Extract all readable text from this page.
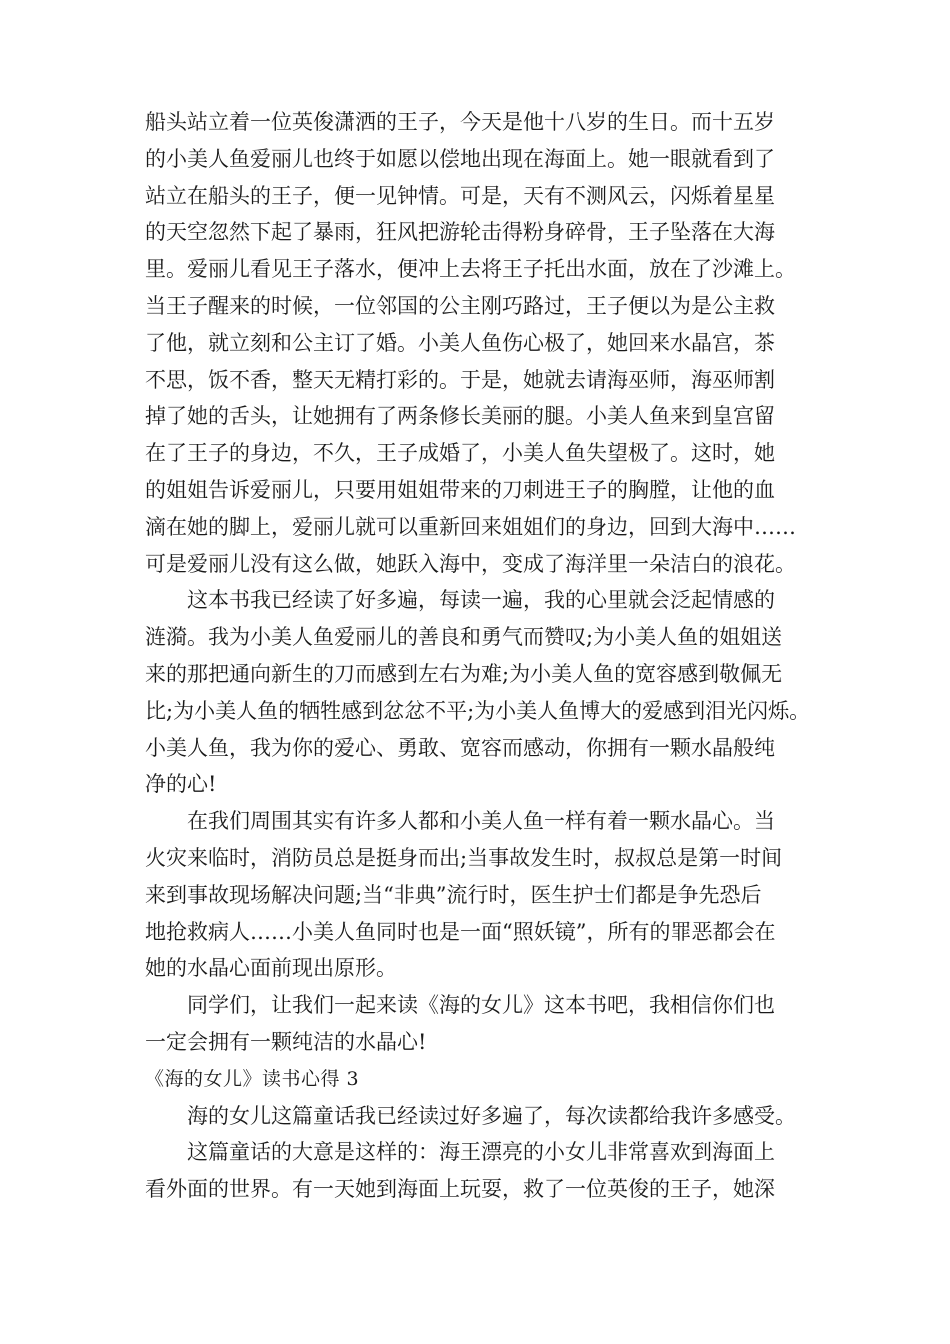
船头站立着一位英俊潇洒的王子，今天是他十八岁的生日。而十五岁
的小美人鱼爱丽儿也终于如愿以偿地出现在海面上。她一眼就看到了
站立在船头的王子，便一见钟情。可是，天有不测风云，闪烁着星星
的天空忽然下起了暴雨，狂风把游轮击得粉身碎骨，王子坠落在大海
里。爱丽儿看见王子落水，便冲上去将王子托出水面，放在了沙滩上。
当王子醒来的时候，一位邻国的公主刚巧路过，王子便以为是公主救
了他，就立刻和公主订了婚。小美人鱼伤心极了，她回来水晶宫，茶
不思，饭不香，整天无精打彩的。于是，她就去请海巫师，海巫师割
掉了她的舌头，让她拥有了两条修长美丽的腿。小美人鱼来到皇宫留
在了王子的身边，不久，王子成婚了，小美人鱼失望极了。这时，她
的姐姐告诉爱丽儿，只要用姐姐带来的刀刺进王子的胸膛，让他的血
滴在她的脚上，爱丽儿就可以重新回来姐姐们的身边，回到大海中……
可是爱丽儿没有这么做，她跃入海中，变成了海洋里一朵洁白的浪花。
这本书我已经读了好多遍，每读一遍，我的心里就会泛起情感的
涟漪。我为小美人鱼爱丽儿的善良和勇气而赞叹;为小美人鱼的姐姐送
来的那把通向新生的刀而感到左右为难;为小美人鱼的宽容感到敬佩无
比;为小美人鱼的牺牲感到忿忿不平;为小美人鱼博大的爱感到泪光闪烁。
小美人鱼，我为你的爱心、勇敢、宽容而感动，你拥有一颗水晶般纯
净的心!
在我们周围其实有许多人都和小美人鱼一样有着一颗水晶心。当
火灾来临时，消防员总是挺身而出;当事故发生时，叔叔总是第一时间
来到事故现场解决问题;当“非典”流行时，医生护士们都是争先恐后
地抢救病人……小美人鱼同时也是一面“照妖镜”，所有的罪恶都会在
她的水晶心面前现出原形。
同学们，让我们一起来读《海的女儿》这本书吧，我相信你们也
一定会拥有一颗纯洁的水晶心!
《海的女儿》读书心得 3
海的女儿这篇童话我已经读过好多遍了，每次读都给我许多感受。
这篇童话的大意是这样的：海王漂亮的小女儿非常喜欢到海面上
看外面的世界。有一天她到海面上玩耍，救了一位英俊的王子，她深
